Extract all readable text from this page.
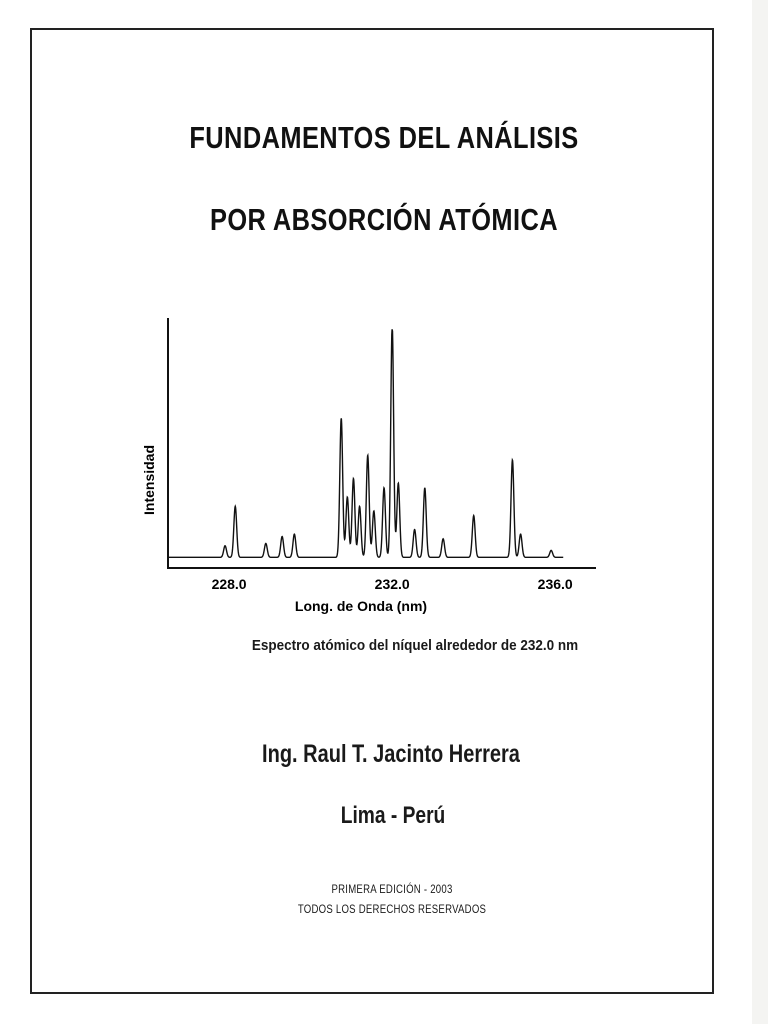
FUNDAMENTOS DEL ANÁLISIS
POR ABSORCIÓN ATÓMICA
228.0	232.0	236.0
Intensidad
Long. de Onda (nm)
Espectro atómico del níquel alrededor de 232.0 nm
Ing. Raul T. Jacinto Herrera
Lima - Perú
PRIMERA EDICIÓN - 2003
TODOS LOS DERECHOS RESERVADOS
